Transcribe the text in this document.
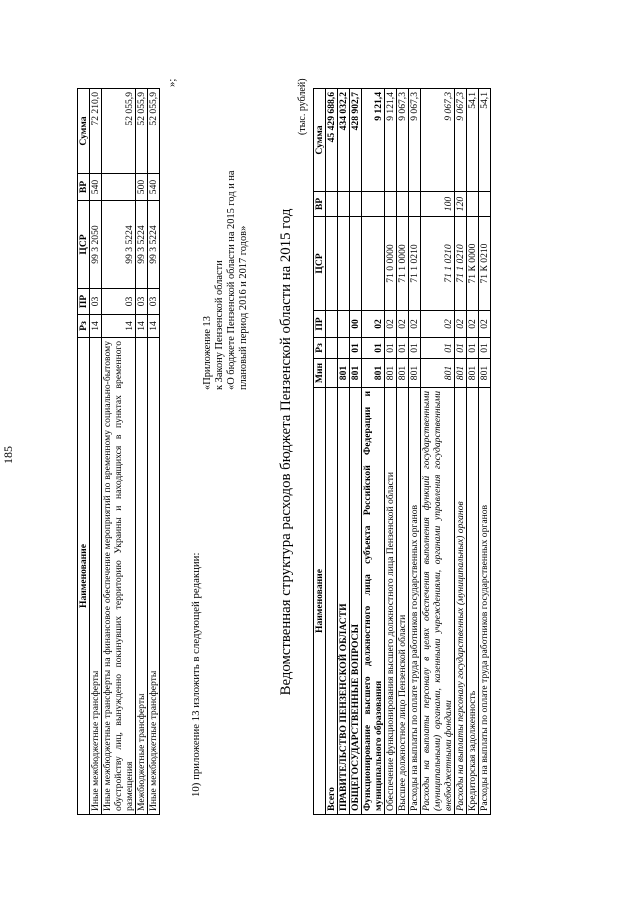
185
Наименование	Рз	ПР	ЦСР	ВР	Сумма
Иные межбюджетные трансферты	14	03	99 3 2050	540	72 210,0
Иные межбюджетные трансферты на финансовое обеспечение мероприятий по временному социально-бытовому обустройству лиц, вынужденно покинувших территорию Украины и находящихся в пунктах временного размещения	14	03	99 3 5224		52 055,9
Межбюджетные трансферты	14	03	99 3 5224	500	52 055,9
Иные межбюджетные трансферты	14	03	99 3 5224	540	52 055,9
»;
10) приложение 13 изложить в следующей редакции:
«Приложение 13 к Закону Пензенской области «О бюджете Пензенской области на 2015 год и на плановый период 2016 и 2017 годов» Ведомственная структура расходов бюджета Пензенской области на 2015 год
(тыс. рублей)
Наименование	Мин	Рз	ПР	ЦСР	ВР	Сумма
Всего						45 429 688,6
ПРАВИТЕЛЬСТВО ПЕНЗЕНСКОЙ ОБЛАСТИ	801					434 032,2
ОБЩЕГОСУДАРСТВЕННЫЕ ВОПРОСЫ	801	01	00			428 902,7
Функционирование высшего должностного лица субъекта Российской Федерации и муниципального образования	801	01	02			9 121,4
Обеспечение функционирования высшего должностного лица Пензенской области	801	01	02	71 0 0000		9 121,4
Высшее должностное лицо Пензенской области	801	01	02	71 1 0000		9 067,3
Расходы на выплаты по оплате труда работников государственных органов	801	01	02	71 1 0210		9 067,3
Расходы на выплаты персоналу в целях обеспечения выполнения функций государственными (муниципальными) органами, казенными учреждениями, органами управления государственными внебюджетными фондами	801	01	02	71 1 0210	100	9 067,3
Расходы на выплаты персоналу государственных (муниципальных) органов	801	01	02	71 1 0210	120	9 067,3
Кредиторская задолженность	801	01	02	71 К 0000		54,1
Расходы на выплаты по оплате труда работников государственных органов	801	01	02	71 К 0210		54,1
